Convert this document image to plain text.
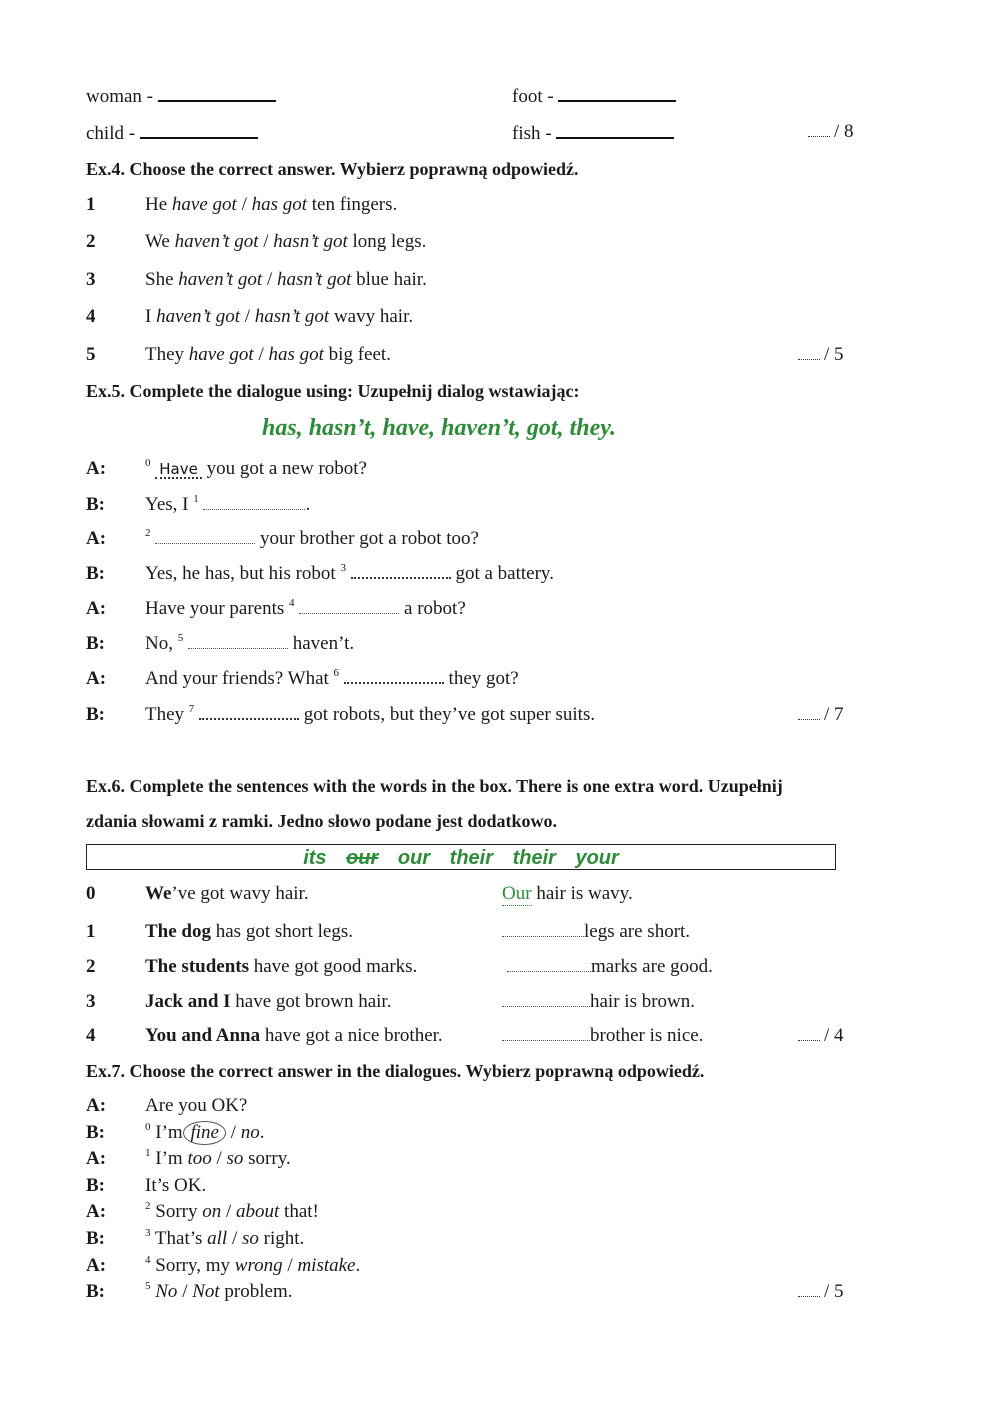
woman -	foot -
child -	fish -	/ 8
Ex.4. Choose the correct answer. Wybierz poprawną odpowiedź.
1	He have got / has got ten fingers.
2	We haven’t got / hasn’t got long legs.
3	She haven’t got / hasn’t got blue hair.
4	I haven’t got / hasn’t got wavy hair.
5	They have got / has got big feet.	/ 5
Ex.5. Complete the dialogue using: Uzupełnij dialog wstawiając:
has, hasn’t, have, haven’t, got, they.
A:	$^0$ Have you got a new robot?
B: Yes, I $^1$	.
A:	$^2$	your brother got a robot too?
B: Yes, he has, but his robot $^3$	got a battery.
A: Have your parents $^4$	a robot?
B: No, $^5$	haven’t.
A: And your friends? What $^6$	they got?
B: They $^7$	got robots, but they’ve got super suits.	/ 7
Ex.6. Complete the sentences with the words in the box. There is one extra word. Uzupełnij
zdania słowami z ramki. Jedno słowo podane jest dodatkowo.
its our our their their your
0	We’ve got wavy hair.	Our hair is wavy.
1	The dog has got short legs.	legs are short.
2	The students have got good marks.	marks are good.
3	Jack and I have got brown hair.	hair is brown.
4	You and Anna have got a nice brother.	brother is nice.	/ 4
Ex.7. Choose the correct answer in the dialogues. Wybierz poprawną odpowiedź.
A: Are you OK?
B:	$^0$ I’m fine / no.
A:	$^1$ I’m too / so sorry.
B: It’s OK.
A:	$^2$ Sorry on / about that!
B:	$^3$ That’s all / so right.
A:	$^4$ Sorry, my wrong / mistake.
B:	$^5$ No / Not problem.	/ 5
